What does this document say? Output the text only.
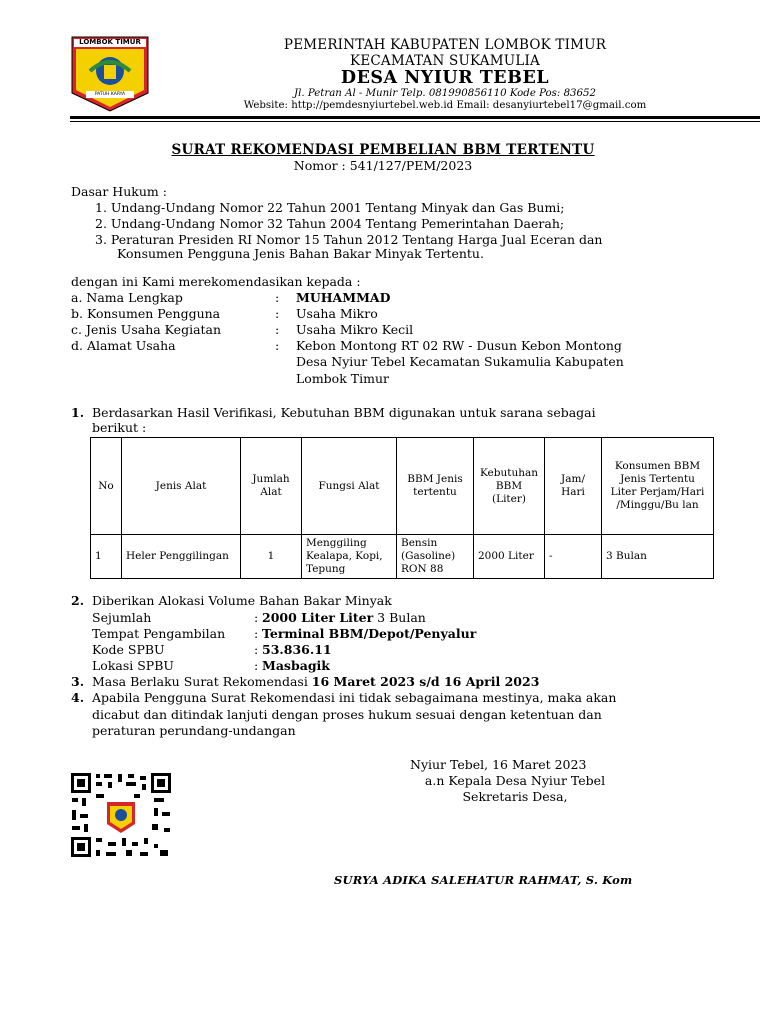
LOMBOK TIMUR
PATUH KARYA
PEMERINTAH KABUPATEN LOMBOK TIMUR
KECAMATAN SUKAMULIA
DESA NYIUR TEBEL
Jl. Petran Al - Munir Telp. 081990856110 Kode Pos: 83652
Website: http://pemdesnyiurtebel.web.id Email: desanyiurtebel17@gmail.com
SURAT REKOMENDASI PEMBELIAN BBM TERTENTU
Nomor : 541/127/PEM/2023
Dasar Hukum :
1. Undang-Undang Nomor 22 Tahun 2001 Tentang Minyak dan Gas Bumi;
2. Undang-Undang Nomor 32 Tahun 2004 Tentang Pemerintahan Daerah;
3. Peraturan Presiden RI Nomor 15 Tahun 2012 Tentang Harga Jual Eceran dan
Konsumen Pengguna Jenis Bahan Bakar Minyak Tertentu.
dengan ini Kami merekomendasikan kepada :
a. Nama Lengkap	: MUHAMMAD
b. Konsumen Pengguna	: Usaha Mikro
c. Jenis Usaha Kegiatan	: Usaha Mikro Kecil
d. Alamat Usaha	: Kebon Montong RT 02 RW - Dusun Kebon Montong
Desa Nyiur Tebel Kecamatan Sukamulia Kabupaten
Lombok Timur
1. Berdasarkan Hasil Verifikasi, Kebutuhan BBM digunakan untuk sarana sebagai
berikut :
No	Jenis Alat	Jumlah Alat	Fungsi Alat	BBM Jenis tertentu	Kebutuhan BBM (Liter)	Jam/ Hari	Konsumen BBM Jenis Tertentu Liter Perjam/Hari /Minggu/Bu lan
1	Heler Penggilingan	1	Menggiling Kealapa, Kopi, Tepung	Bensin (Gasoline) RON 88	2000 Liter	-	3 Bulan
2. Diberikan Alokasi Volume Bahan Bakar Minyak
Sejumlah	: 2000 Liter Liter 3 Bulan
Tempat Pengambilan : Terminal BBM/Depot/Penyalur
Kode SPBU	: 53.836.11
Lokasi SPBU	: Masbagik
3. Masa Berlaku Surat Rekomendasi 16 Maret 2023 s/d 16 April 2023
4. Apabila Pengguna Surat Rekomendasi ini tidak sebagaimana mestinya, maka akan
dicabut dan ditindak lanjuti dengan proses hukum sesuai dengan ketentuan dan
peraturan perundang-undangan
Nyiur Tebel, 16 Maret 2023
a.n Kepala Desa Nyiur Tebel
Sekretaris Desa,
SURYA ADIKA SALEHATUR RAHMAT, S. Kom
